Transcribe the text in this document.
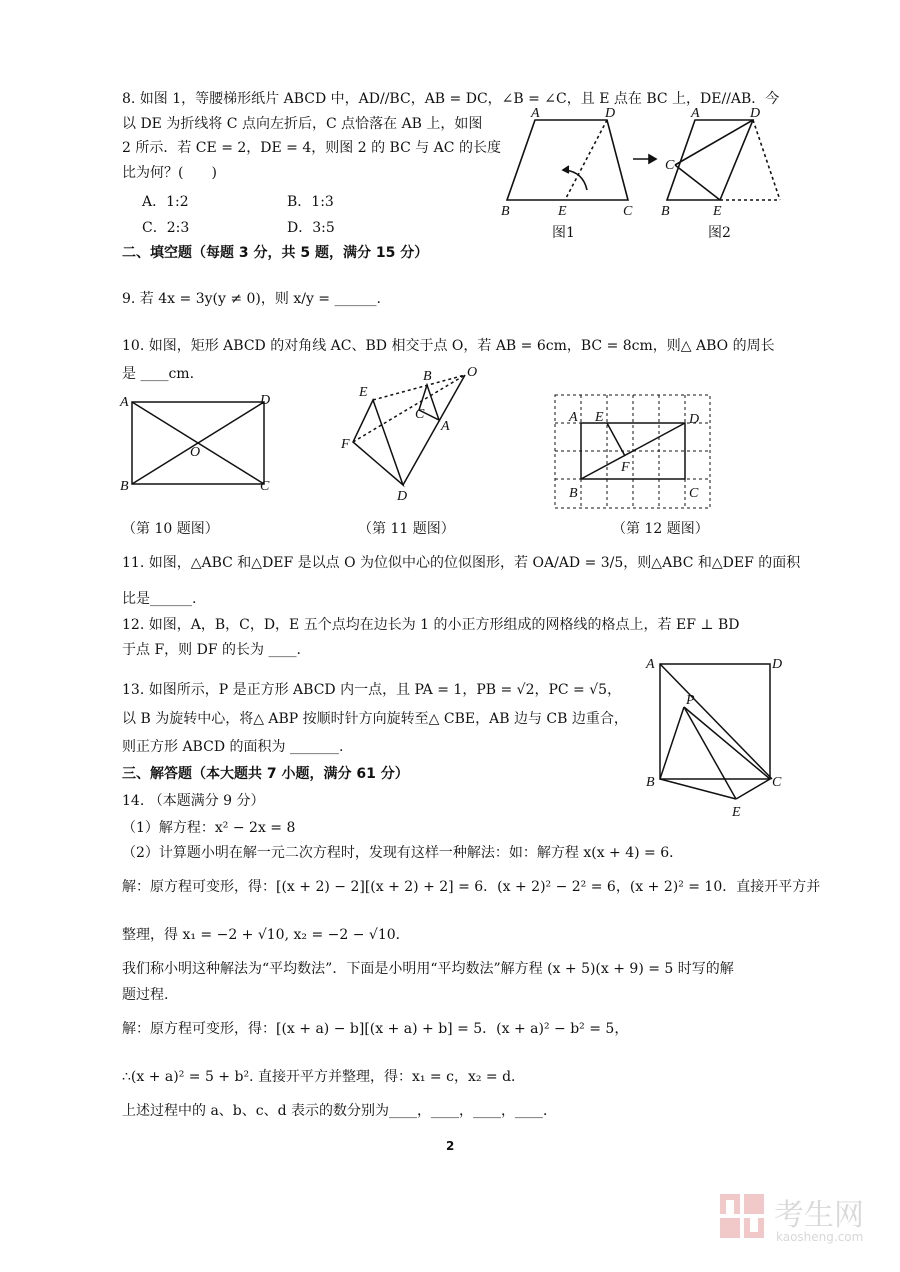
8. 如图 1，等腰梯形纸片 ABCD 中，AD//BC，AB = DC，∠B = ∠C，且 E 点在 BC 上，DE//AB．今
以 DE 为折线将 C 点向左折后，C 点恰落在 AB 上，如图
2 所示．若 CE = 2，DE = 4，则图 2 的 BC 与 AC 的长度
比为何？(　　)
A．1:2	B．1:3
C．2:3	D．3:5
A	D
B	E	C
A	D
C
B	E
图1	图2
二、填空题（每题 3 分，共 5 题，满分 15 分）
9. 若 4x = 3y(y ≠ 0)，则 x/y = ______.
10. 如图，矩形 ABCD 的对角线 AC、BD 相交于点 O，若 AB = 6cm，BC = 8cm，则△ ABO 的周长
是 ____cm.
A	D
B	C
O
E
B	O
C
A
F
D
A E	D
F
B	C
（第 10 题图）	（第 11 题图）	（第 12 题图）
11. 如图，△ABC 和△DEF 是以点 O 为位似中心的位似图形，若 OA/AD = 3/5，则△ABC 和△DEF 的面积
比是______.
12. 如图，A，B，C，D，E 五个点均在边长为 1 的小正方形组成的网格线的格点上，若 EF ⊥ BD
于点 F，则 DF 的长为 ____.
13. 如图所示，P 是正方形 ABCD 内一点，且 PA = 1，PB = √2，PC = √5，
以 B 为旋转中心，将△ ABP 按顺时针方向旋转至△ CBE，AB 边与 CB 边重合，
则正方形 ABCD 的面积为 _______.
A	D
P
B	C
E
三、解答题（本大题共 7 小题，满分 61 分）
14. （本题满分 9 分）
（1）解方程：x² − 2x = 8
（2）计算题小明在解一元二次方程时，发现有这样一种解法：如：解方程 x(x + 4) = 6．
解：原方程可变形，得：[(x + 2) − 2][(x + 2) + 2] = 6．(x + 2)² − 2² = 6，(x + 2)² = 10．直接开平方并
整理，得 x₁ = −2 + √10, x₂ = −2 − √10．
我们称小明这种解法为“平均数法”．下面是小明用“平均数法”解方程 (x + 5)(x + 9) = 5 时写的解
题过程.
解：原方程可变形，得：[(x + a) − b][(x + a) + b] = 5．(x + a)² − b² = 5，
∴(x + a)² = 5 + b². 直接开平方并整理，得：x₁ = c，x₂ = d．
上述过程中的 a、b、c、d 表示的数分别为____，____，____，____．
2
考生网
kaosheng.com
